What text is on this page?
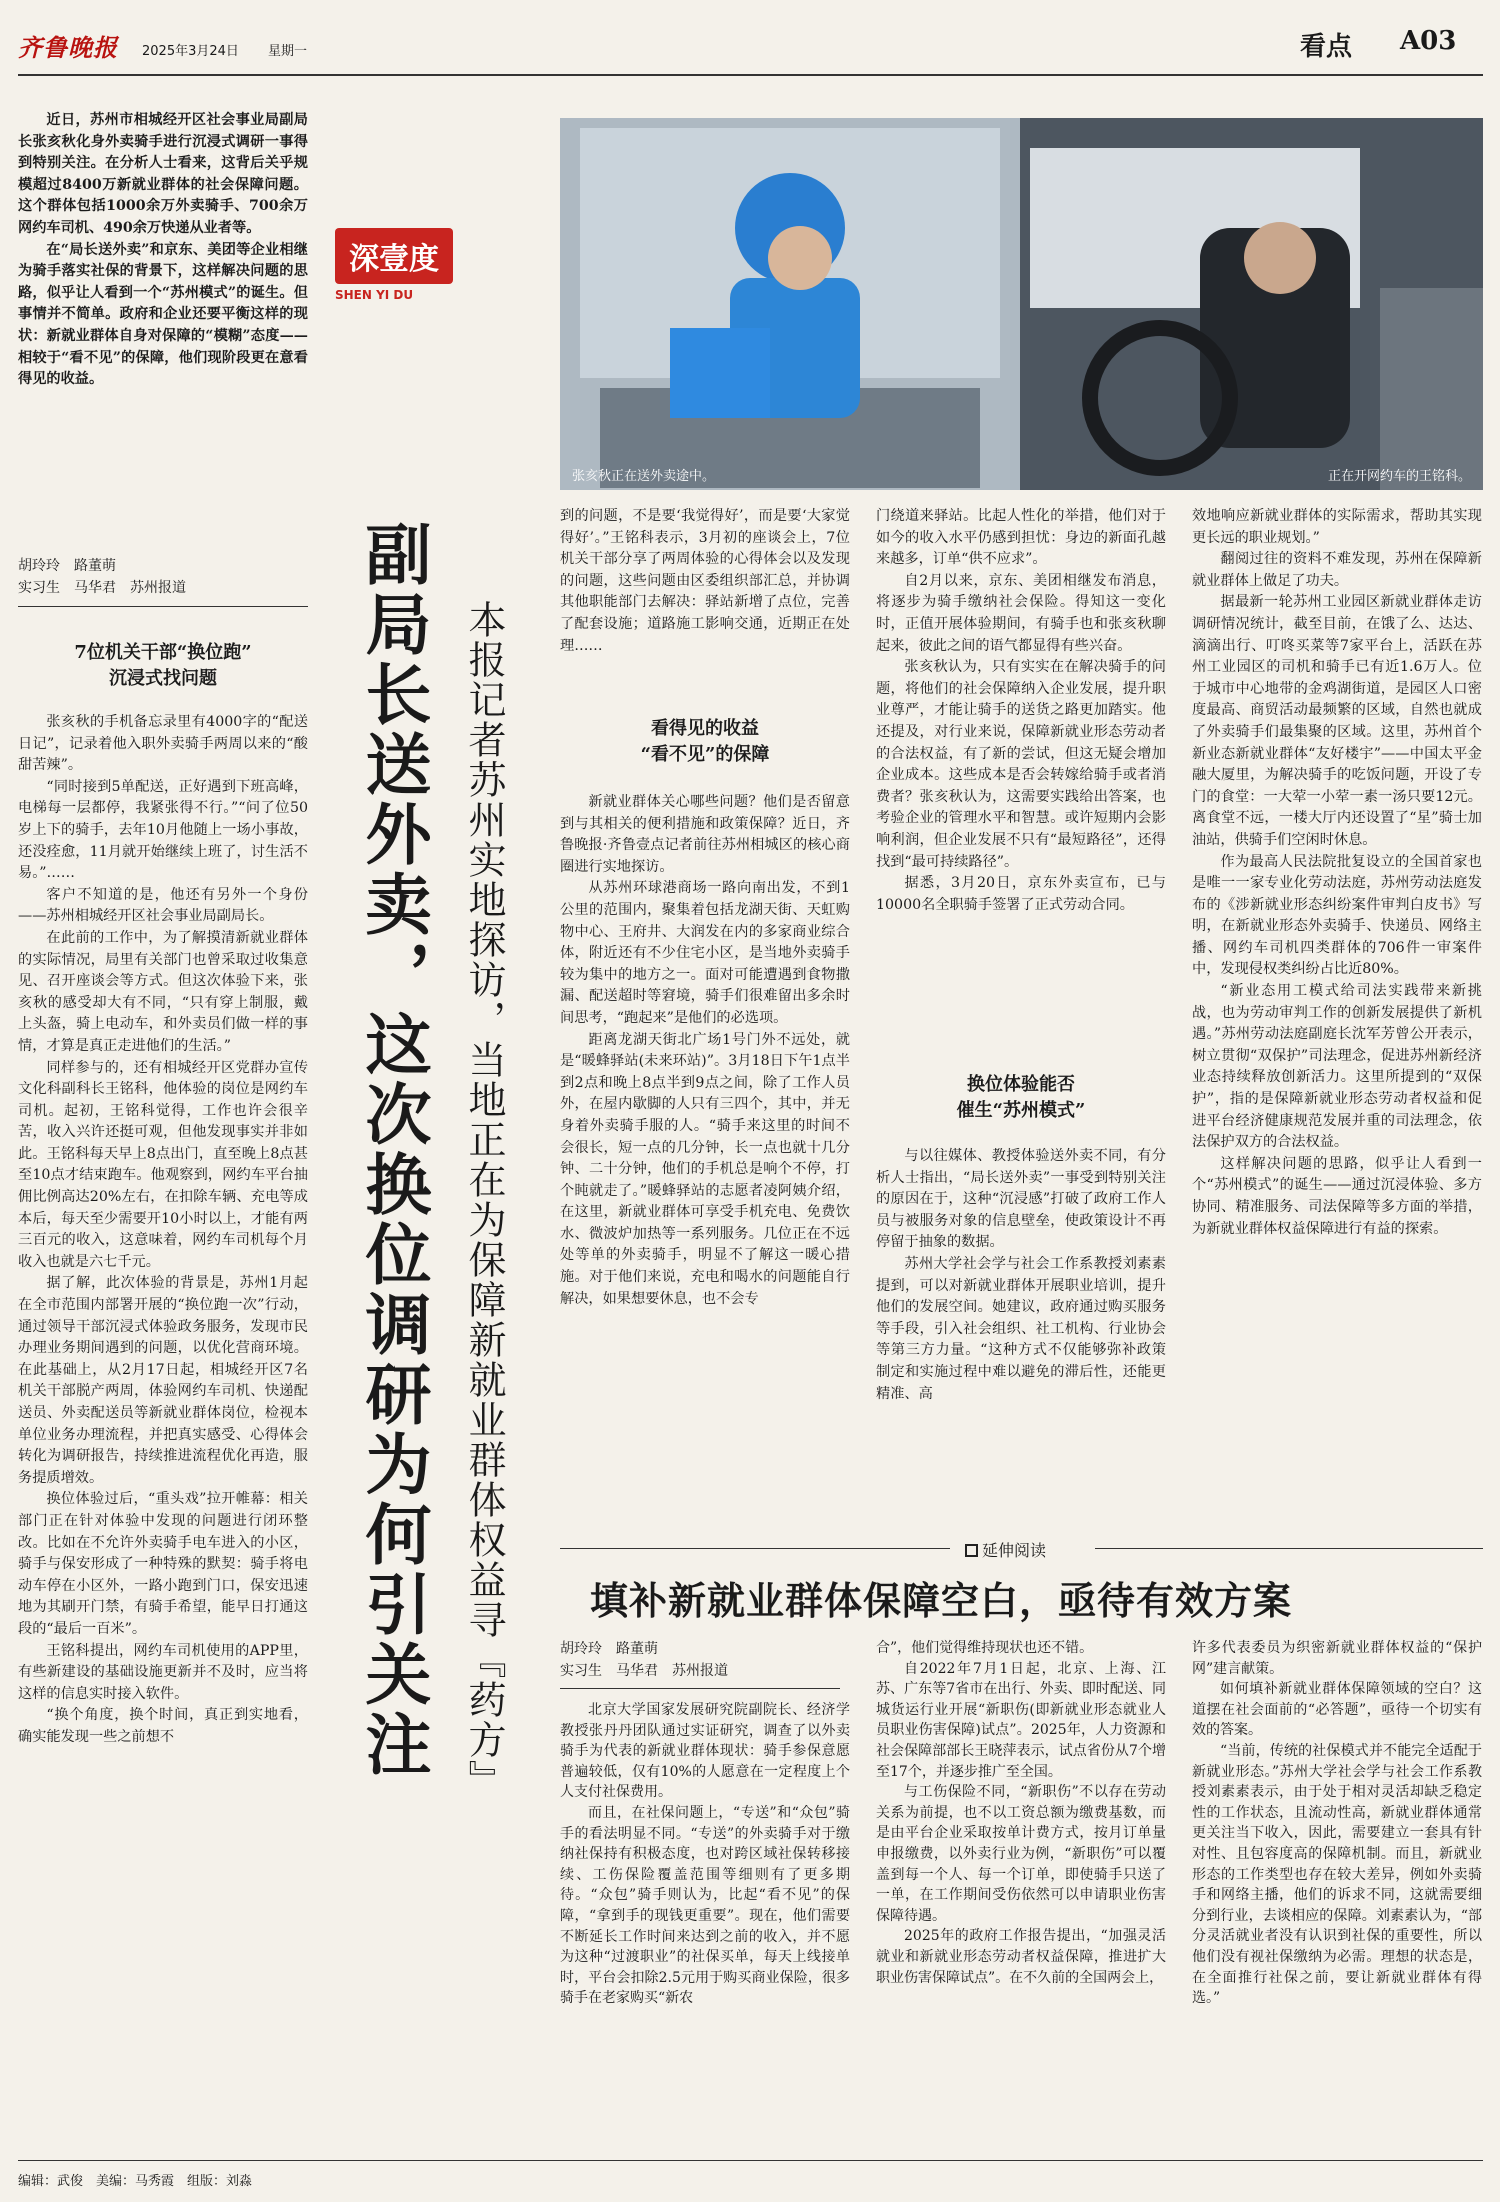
齐鲁晚报 2025年3月24日 星期一	看点 A03

近日，苏州市相城经开区社会事业局副局长张亥秋化身外卖骑手进行沉浸式调研一事得到特别关注。在分析人士看来，这背后关乎规模超过8400万新就业群体的社会保障问题。这个群体包括1000余万外卖骑手、700余万网约车司机、490余万快递从业者等。

在“局长送外卖”和京东、美团等企业相继为骑手落实社保的背景下，这样解决问题的思路，似乎让人看到一个“苏州模式”的诞生。但事情并不简单。政府和企业还要平衡这样的现状：新就业群体自身对保障的“模糊”态度——相较于“看不见”的保障，他们现阶段更在意看得见的收益。

深壹度
SHEN YI DU
张亥秋正在送外卖途中。	正在开网约车的王铭科。
胡玲玲　路董萌
实习生　马华君　苏州报道
7位机关干部“换位跑”
沉浸式找问题

张亥秋的手机备忘录里有4000字的“配送日记”，记录着他入职外卖骑手两周以来的“酸甜苦辣”。

“同时接到5单配送，正好遇到下班高峰，电梯每一层都停，我紧张得不行。”“问了位50岁上下的骑手，去年10月他随上一场小事故，还没痊愈，11月就开始继续上班了，讨生活不易。”……

客户不知道的是，他还有另外一个身份——苏州相城经开区社会事业局副局长。

在此前的工作中，为了解摸清新就业群体的实际情况，局里有关部门也曾采取过收集意见、召开座谈会等方式。但这次体验下来，张亥秋的感受却大有不同，“只有穿上制服，戴上头盔，骑上电动车，和外卖员们做一样的事情，才算是真正走进他们的生活。”

同样参与的，还有相城经开区党群办宣传文化科副科长王铭科，他体验的岗位是网约车司机。起初，王铭科觉得，工作也许会很辛苦，收入兴许还挺可观，但他发现事实并非如此。王铭科每天早上8点出门，直至晚上8点甚至10点才结束跑车。他观察到，网约车平台抽佣比例高达20%左右，在扣除车辆、充电等成本后，每天至少需要开10小时以上，才能有两三百元的收入，这意味着，网约车司机每个月收入也就是六七千元。

据了解，此次体验的背景是，苏州1月起在全市范围内部署开展的“换位跑一次”行动，通过领导干部沉浸式体验政务服务，发现市民办理业务期间遇到的问题，以优化营商环境。在此基础上，从2月17日起，相城经开区7名机关干部脱产两周，体验网约车司机、快递配送员、外卖配送员等新就业群体岗位，检视本单位业务办理流程，并把真实感受、心得体会转化为调研报告，持续推进流程优化再造，服务提质增效。

换位体验过后，“重头戏”拉开帷幕：相关部门正在针对体验中发现的问题进行闭环整改。比如在不允许外卖骑手电车进入的小区，骑手与保安形成了一种特殊的默契：骑手将电动车停在小区外，一路小跑到门口，保安迅速地为其刷开门禁，有骑手希望，能早日打通这段的“最后一百米”。

王铭科提出，网约车司机使用的APP里，有些新建设的基础设施更新并不及时，应当将这样的信息实时接入软件。

“换个角度，换个时间，真正到实地看，确实能发现一些之前想不	副局长送外卖，这次换位调研为何引关注 本报记者苏州实地探访，当地正在为保障新就业群体权益寻『药方』

到的问题，不是要‘我觉得好’，而是要‘大家觉得好’。”王铭科表示，3月初的座谈会上，7位机关干部分享了两周体验的心得体会以及发现的问题，这些问题由区委组织部汇总，并协调其他职能部门去解决：驿站新增了点位，完善了配套设施；道路施工影响交通，近期正在处理……

看得见的收益
“看不见”的保障

新就业群体关心哪些问题？他们是否留意到与其相关的便利措施和政策保障？近日，齐鲁晚报·齐鲁壹点记者前往苏州相城区的核心商圈进行实地探访。

从苏州环球港商场一路向南出发，不到1公里的范围内，聚集着包括龙湖天街、天虹购物中心、王府井、大润发在内的多家商业综合体，附近还有不少住宅小区，是当地外卖骑手较为集中的地方之一。面对可能遭遇到食物撒漏、配送超时等窘境，骑手们很难留出多余时间思考，“跑起来”是他们的必选项。

距离龙湖天街北广场1号门外不远处，就是“暖蜂驿站(未来环站)”。3月18日下午1点半到2点和晚上8点半到9点之间，除了工作人员外，在屋内歇脚的人只有三四个，其中，并无身着外卖骑手服的人。“骑手来这里的时间不会很长，短一点的几分钟，长一点也就十几分钟、二十分钟，他们的手机总是响个不停，打个盹就走了。”暖蜂驿站的志愿者凌阿姨介绍，在这里，新就业群体可享受手机充电、免费饮水、微波炉加热等一系列服务。几位正在不远处等单的外卖骑手，明显不了解这一暖心措施。对于他们来说，充电和喝水的问题能自行解决，如果想要休息，也不会专

门绕道来驿站。比起人性化的举措，他们对于如今的收入水平仍感到担忧：身边的新面孔越来越多，订单“供不应求”。

自2月以来，京东、美团相继发布消息，将逐步为骑手缴纳社会保险。得知这一变化时，正值开展体验期间，有骑手也和张亥秋聊起来，彼此之间的语气都显得有些兴奋。

张亥秋认为，只有实实在在解决骑手的问题，将他们的社会保障纳入企业发展，提升职业尊严，才能让骑手的送货之路更加踏实。他还提及，对行业来说，保障新就业形态劳动者的合法权益，有了新的尝试，但这无疑会增加企业成本。这些成本是否会转嫁给骑手或者消费者？张亥秋认为，这需要实践给出答案，也考验企业的管理水平和智慧。或许短期内会影响利润，但企业发展不只有“最短路径”，还得找到“最可持续路径”。

据悉，3月20日，京东外卖宣布，已与10000名全职骑手签署了正式劳动合同。

换位体验能否
催生“苏州模式”

与以往媒体、教授体验送外卖不同，有分析人士指出，“局长送外卖”一事受到特别关注的原因在于，这种“沉浸感”打破了政府工作人员与被服务对象的信息壁垒，使政策设计不再停留于抽象的数据。

苏州大学社会学与社会工作系教授刘素素提到，可以对新就业群体开展职业培训，提升他们的发展空间。她建议，政府通过购买服务等手段，引入社会组织、社工机构、行业协会等第三方力量。“这种方式不仅能够弥补政策制定和实施过程中难以避免的滞后性，还能更精准、高

效地响应新就业群体的实际需求，帮助其实现更长远的职业规划。”

翻阅过往的资料不难发现，苏州在保障新就业群体上做足了功夫。

据最新一轮苏州工业园区新就业群体走访调研情况统计，截至目前，在饿了么、达达、滴滴出行、叮咚买菜等7家平台上，活跃在苏州工业园区的司机和骑手已有近1.6万人。位于城市中心地带的金鸡湖街道，是园区人口密度最高、商贸活动最频繁的区域，自然也就成了外卖骑手们最集聚的区域。这里，苏州首个新业态新就业群体“友好楼宇”——中国太平金融大厦里，为解决骑手的吃饭问题，开设了专门的食堂：一大荤一小荤一素一汤只要12元。离食堂不远，一楼大厅内还设置了“星”骑士加油站，供骑手们空闲时休息。

作为最高人民法院批复设立的全国首家也是唯一一家专业化劳动法庭，苏州劳动法庭发布的《涉新就业形态纠纷案件审判白皮书》写明，在新就业形态外卖骑手、快递员、网络主播、网约车司机四类群体的706件一审案件中，发现侵权类纠纷占比近80%。

“新业态用工模式给司法实践带来新挑战，也为劳动审判工作的创新发展提供了新机遇。”苏州劳动法庭副庭长沈军芳曾公开表示，树立贯彻“双保护”司法理念，促进苏州新经济业态持续释放创新活力。这里所提到的“双保护”，指的是保障新就业形态劳动者权益和促进平台经济健康规范发展并重的司法理念，依法保护双方的合法权益。

这样解决问题的思路，似乎让人看到一个“苏州模式”的诞生——通过沉浸体验、多方协同、精准服务、司法保障等多方面的举措，为新就业群体权益保障进行有益的探索。

延伸阅读
填补新就业群体保障空白，亟待有效方案
胡玲玲　路董萌
实习生　马华君　苏州报道

北京大学国家发展研究院副院长、经济学教授张丹丹团队通过实证研究，调查了以外卖骑手为代表的新就业群体现状：骑手参保意愿普遍较低，仅有10%的人愿意在一定程度上个人支付社保费用。

而且，在社保问题上，“专送”和“众包”骑手的看法明显不同。“专送”的外卖骑手对于缴纳社保持有积极态度，也对跨区域社保转移接续、工伤保险覆盖范围等细则有了更多期待。“众包”骑手则认为，比起“看不见”的保障，“拿到手的现钱更重要”。现在，他们需要不断延长工作时间来达到之前的收入，并不愿为这种“过渡职业”的社保买单，每天上线接单时，平台会扣除2.5元用于购买商业保险，很多骑手在老家购买“新农

合”，他们觉得维持现状也还不错。

自2022年7月1日起，北京、上海、江苏、广东等7省市在出行、外卖、即时配送、同城货运行业开展“新职伤(即新就业形态就业人员职业伤害保障)试点”。2025年，人力资源和社会保障部部长王晓萍表示，试点省份从7个增至17个，并逐步推广至全国。

与工伤保险不同，“新职伤”不以存在劳动关系为前提，也不以工资总额为缴费基数，而是由平台企业采取按单计费方式，按月订单量申报缴费，以外卖行业为例，“新职伤”可以覆盖到每一个人、每一个订单，即使骑手只送了一单，在工作期间受伤依然可以申请职业伤害保障待遇。

2025年的政府工作报告提出，“加强灵活就业和新就业形态劳动者权益保障，推进扩大职业伤害保障试点”。在不久前的全国两会上，

许多代表委员为织密新就业群体权益的“保护网”建言献策。

如何填补新就业群体保障领域的空白？这道摆在社会面前的“必答题”，亟待一个切实有效的答案。

“当前，传统的社保模式并不能完全适配于新就业形态。”苏州大学社会学与社会工作系教授刘素素表示，由于处于相对灵活却缺乏稳定性的工作状态，且流动性高，新就业群体通常更关注当下收入，因此，需要建立一套具有针对性、且包容度高的保障机制。而且，新就业形态的工作类型也存在较大差异，例如外卖骑手和网络主播，他们的诉求不同，这就需要细分到行业，去谈相应的保障。刘素素认为，“部分灵活就业者没有认识到社保的重要性，所以他们没有视社保缴纳为必需。理想的状态是，在全面推行社保之前，要让新就业群体有得选。”

编辑：武俊　美编：马秀霞　组版：刘淼
